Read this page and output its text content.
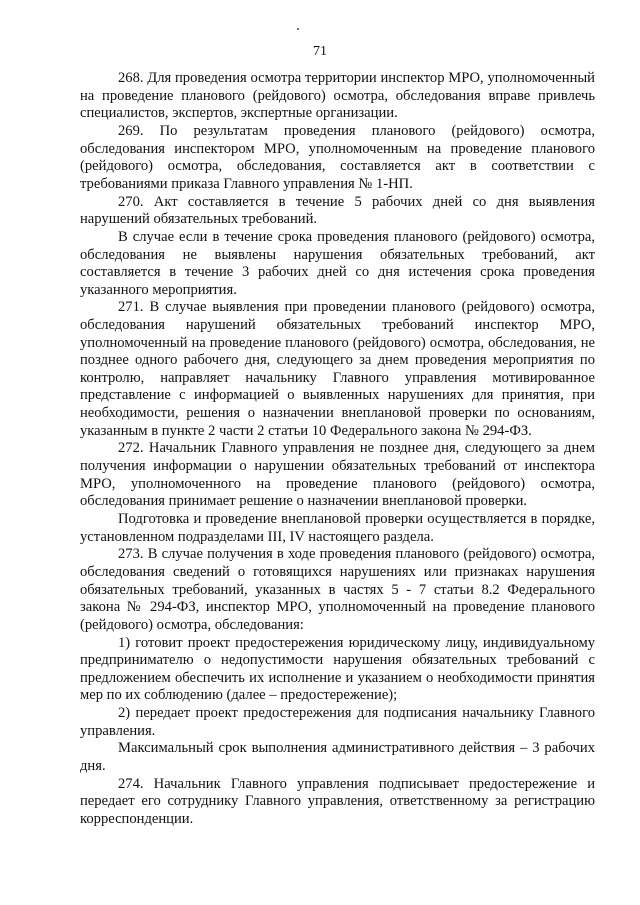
71

268. Для проведения осмотра территории инспектор МРО, уполномоченный на проведение планового (рейдового) осмотра, обследования вправе привлечь специалистов, экспертов, экспертные организации.

269. По результатам проведения планового (рейдового) осмотра, обследования инспектором МРО, уполномоченным на проведение планового (рейдового) осмотра, обследования, составляется акт в соответствии с требованиями приказа Главного управления № 1-НП.

270. Акт составляется в течение 5 рабочих дней со дня выявления нарушений обязательных требований.

В случае если в течение срока проведения планового (рейдового) осмотра, обследования не выявлены нарушения обязательных требований, акт составляется в течение 3 рабочих дней со дня истечения срока проведения указанного мероприятия.

271. В случае выявления при проведении планового (рейдового) осмотра, обследования нарушений обязательных требований инспектор МРО, уполномоченный на проведение планового (рейдового) осмотра, обследования, не позднее одного рабочего дня, следующего за днем проведения мероприятия по контролю, направляет начальнику Главного управления мотивированное представление с информацией о выявленных нарушениях для принятия, при необходимости, решения о назначении внеплановой проверки по основаниям, указанным в пункте 2 части 2 статьи 10 Федерального закона № 294-ФЗ.

272. Начальник Главного управления не позднее дня, следующего за днем получения информации о нарушении обязательных требований от инспектора МРО, уполномоченного на проведение планового (рейдового) осмотра, обследования принимает решение о назначении внеплановой проверки.

Подготовка и проведение внеплановой проверки осуществляется в порядке, установленном подразделами III, IV настоящего раздела.

273. В случае получения в ходе проведения планового (рейдового) осмотра, обследования сведений о готовящихся нарушениях или признаках нарушения обязательных требований, указанных в частях 5 - 7 статьи 8.2 Федерального закона № 294-ФЗ, инспектор МРО, уполномоченный на проведение планового (рейдового) осмотра, обследования:

1) готовит проект предостережения юридическому лицу, индивидуальному предпринимателю о недопустимости нарушения обязательных требований с предложением обеспечить их исполнение и указанием о необходимости принятия мер по их соблюдению (далее – предостережение);

2) передает проект предостережения для подписания начальнику Главного управления.

Максимальный срок выполнения административного действия – 3 рабочих дня.

274. Начальник Главного управления подписывает предостережение и передает его сотруднику Главного управления, ответственному за регистрацию корреспонденции.
